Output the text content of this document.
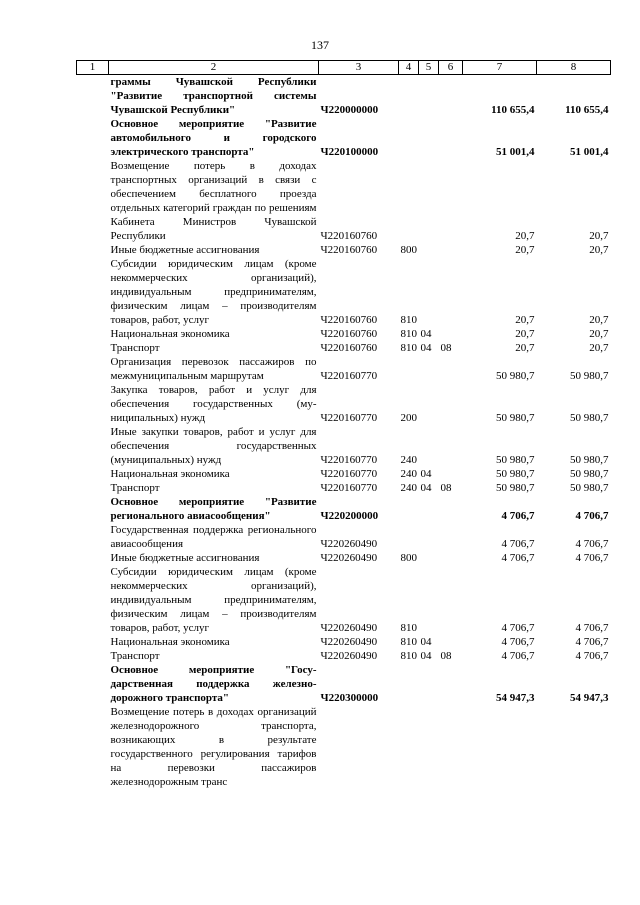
137
1	2	3	4	5	6	7	8
	граммы Чувашской Республики "Развитие транспортной системы Чувашской Республики"	Ч220000000				110 655,4	110 655,4
	Основное мероприятие "Развитие автомобильного и городского электрического транспорта"	Ч220100000				51 001,4	51 001,4
	Возмещение потерь в доходах транспортных организаций в связи с обеспечением бесплатного проезда отдельных категорий граждан по решениям Кабинета Министров Чувашской Республики	Ч220160760				20,7	20,7
	Иные бюджетные ассигнования	Ч220160760	800			20,7	20,7
	Субсидии юридическим лицам (кроме некоммерческих организаций), индивидуальным предпринимателям, физическим лицам – производителям товаров, работ, услуг	Ч220160760	810			20,7	20,7
	Национальная экономика	Ч220160760	810	04		20,7	20,7
	Транспорт	Ч220160760	810	04	08	20,7	20,7
	Организация перевозок пассажиров по межмуниципальным маршрутам	Ч220160770				50 980,7	50 980,7
	Закупка товаров, работ и услуг для обеспечения государственных (муниципальных) нужд	Ч220160770	200			50 980,7	50 980,7
	Иные закупки товаров, работ и услуг для обеспечения государственных (муниципальных) нужд	Ч220160770	240			50 980,7	50 980,7
	Национальная экономика	Ч220160770	240	04		50 980,7	50 980,7
	Транспорт	Ч220160770	240	04	08	50 980,7	50 980,7
	Основное мероприятие "Развитие регионального авиасообщения"	Ч220200000				4 706,7	4 706,7
	Государственная поддержка регионального авиасообщения	Ч220260490				4 706,7	4 706,7
	Иные бюджетные ассигнования	Ч220260490	800			4 706,7	4 706,7
	Субсидии юридическим лицам (кроме некоммерческих организаций), индивидуальным предпринимателям, физическим лицам – производителям товаров, работ, услуг	Ч220260490	810			4 706,7	4 706,7
	Национальная экономика	Ч220260490	810	04		4 706,7	4 706,7
	Транспорт	Ч220260490	810	04	08	4 706,7	4 706,7
	Основное мероприятие "Государственная поддержка железнодорожного транспорта"	Ч220300000				54 947,3	54 947,3
	Возмещение потерь в доходах организаций железнодорожного транспорта, возникающих в результате государственного регулирования тарифов на перевозки пассажиров железнодорожным транс						
